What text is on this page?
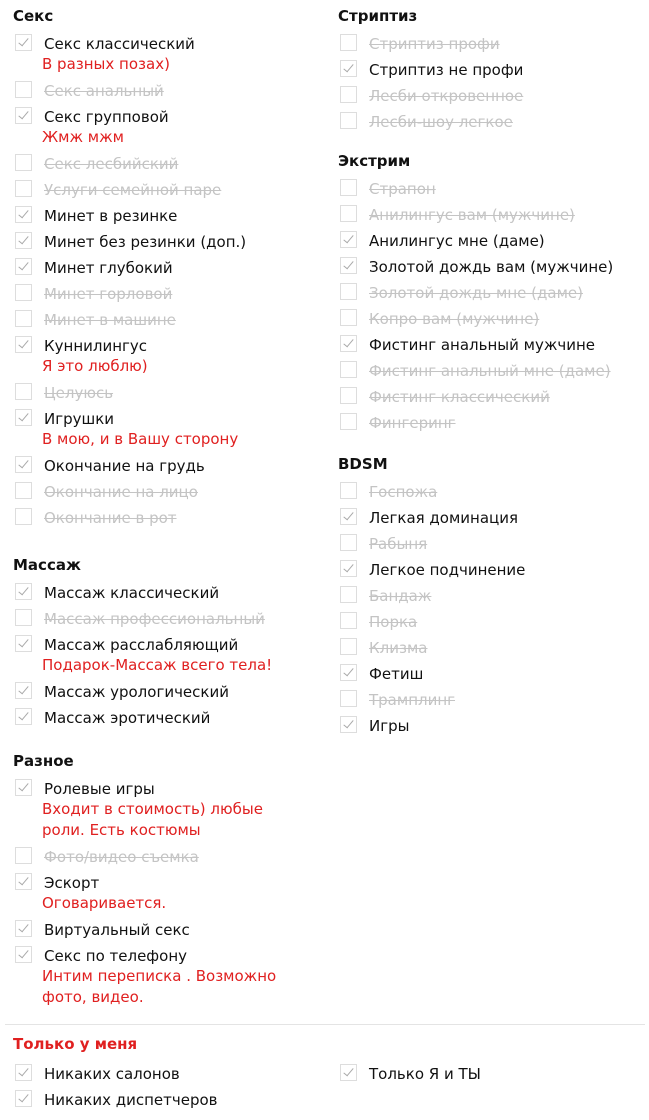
Секс
Секс классический
В разных позах)
Секс анальный
Секс групповой
Жмж мжм
Секс лесбийский
Услуги семейной паре
Минет в резинке
Минет без резинки (доп.)
Минет глубокий
Минет горловой
Минет в машине
Куннилингус
Я это люблю)
Целуюсь
Игрушки
В мою, и в Вашу сторону
Окончание на грудь
Окончание на лицо
Окончание в рот
Массаж
Массаж классический
Массаж профессиональный
Массаж расслабляющий
Подарок-Массаж всего тела!
Массаж урологический
Массаж эротический
Разное
Ролевые игры
Входит в стоимость) любые роли. Есть костюмы
Фото/видео съемка
Эскорт
Оговаривается.
Виртуальный секс
Секс по телефону
Интим переписка . Возможно фото, видео.
Стриптиз
Стриптиз профи
Стриптиз не профи
Лесби откровенное
Лесби-шоу легкое
Экстрим
Страпон
Анилингус вам (мужчине)
Анилингус мне (даме)
Золотой дождь вам (мужчине)
Золотой дождь мне (даме)
Копро вам (мужчине)
Фистинг анальный мужчине
Фистинг анальный мне (даме)
Фистинг классический
Фингеринг
BDSM
Госпожа
Легкая доминация
Рабыня
Легкое подчинение
Бандаж
Порка
Клизма
Фетиш
Трамплинг
Игры
Только у меня
Никаких салонов
Никаких диспетчеров
Только Я и ТЫ
